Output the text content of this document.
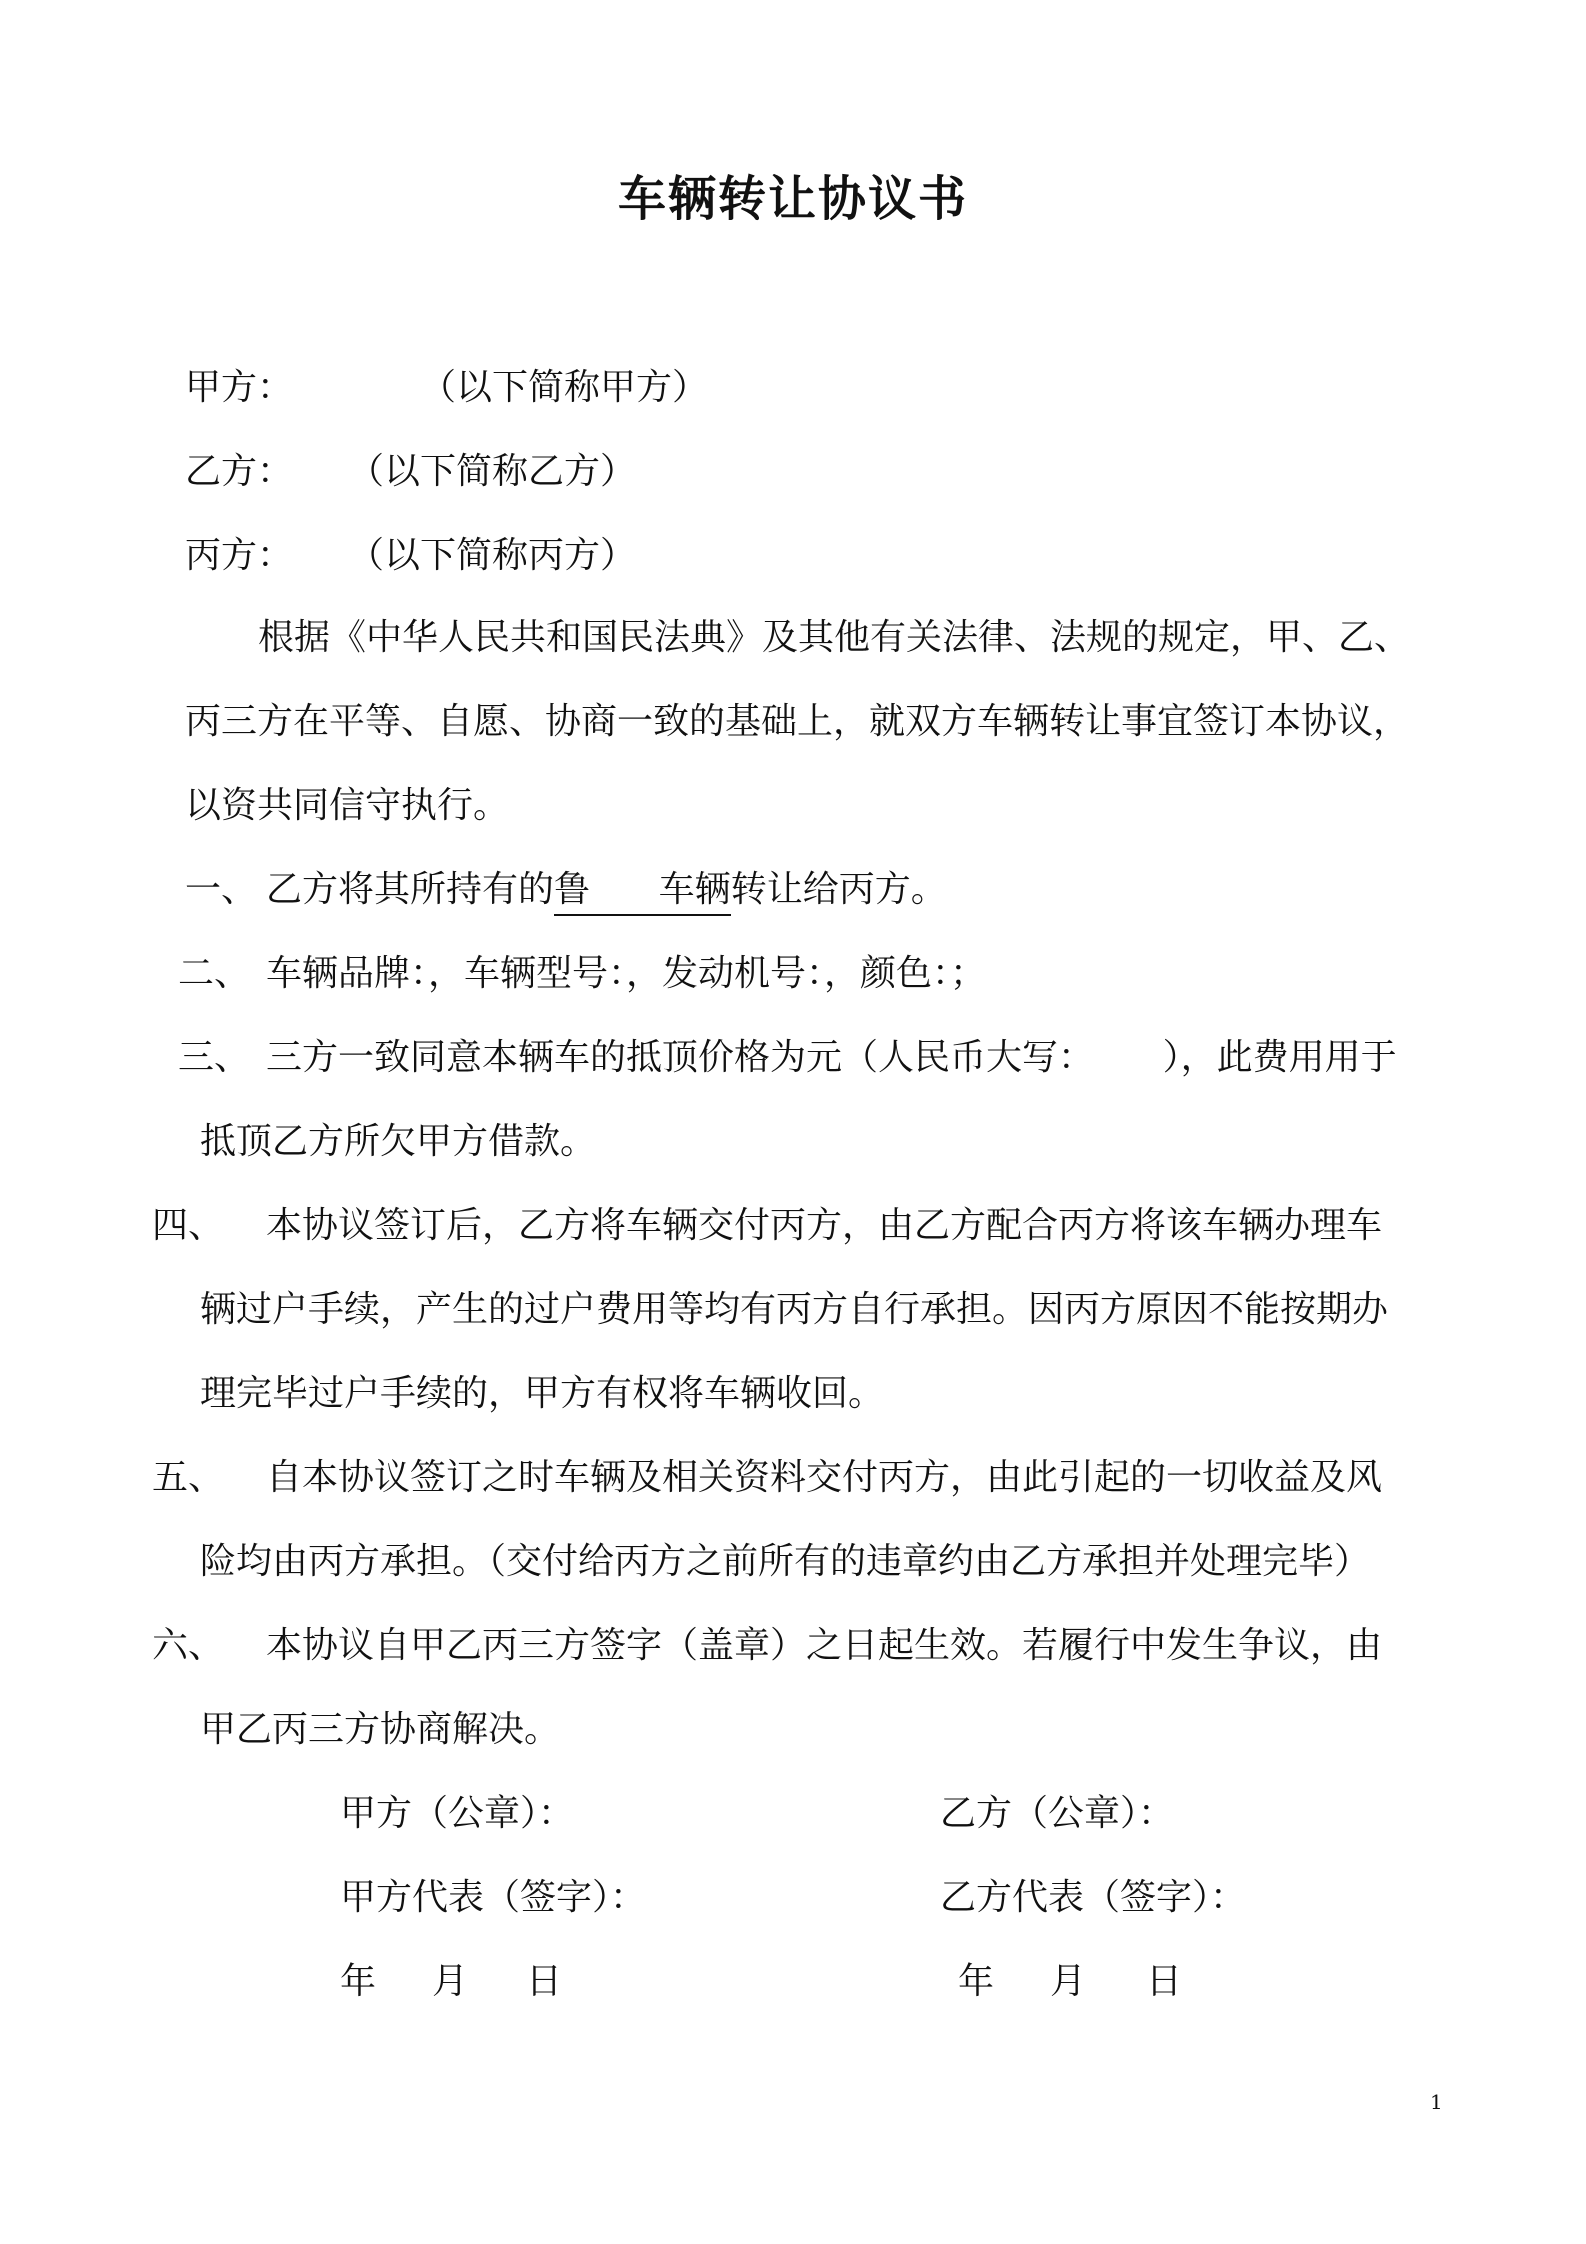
车辆转让协议书
甲方：	（以下简称甲方）
乙方： （以下简称乙方）
丙方： （以下简称丙方）
根据《中华人民共和国民法典》及其他有关法律、法规的规定，甲、乙、
丙三方在平等、自愿、协商一致的基础上，就双方车辆转让事宜签订本协议，
以资共同信守执行。
一、 乙方将其所持有的鲁      车辆转让给丙方。
二、 车辆品牌：，车辆型号：，发动机号：，颜色：；
三、 三方一致同意本辆车的抵顶价格为元（人民币大写：      ），此费用用于
抵顶乙方所欠甲方借款。
四、 本协议签订后，乙方将车辆交付丙方，由乙方配合丙方将该车辆办理车
辆过户手续，产生的过户费用等均有丙方自行承担。因丙方原因不能按期办
理完毕过户手续的，甲方有权将车辆收回。
五、 自本协议签订之时车辆及相关资料交付丙方，由此引起的一切收益及风
险均由丙方承担。（交付给丙方之前所有的违章约由乙方承担并处理完毕）
六、 本协议自甲乙丙三方签字（盖章）之日起生效。若履行中发生争议，由
甲乙丙三方协商解决。
甲方（公章）：
甲方代表（签字）：
年 月 日
乙方（公章）：
乙方代表（签字）：
年 月 日
1
